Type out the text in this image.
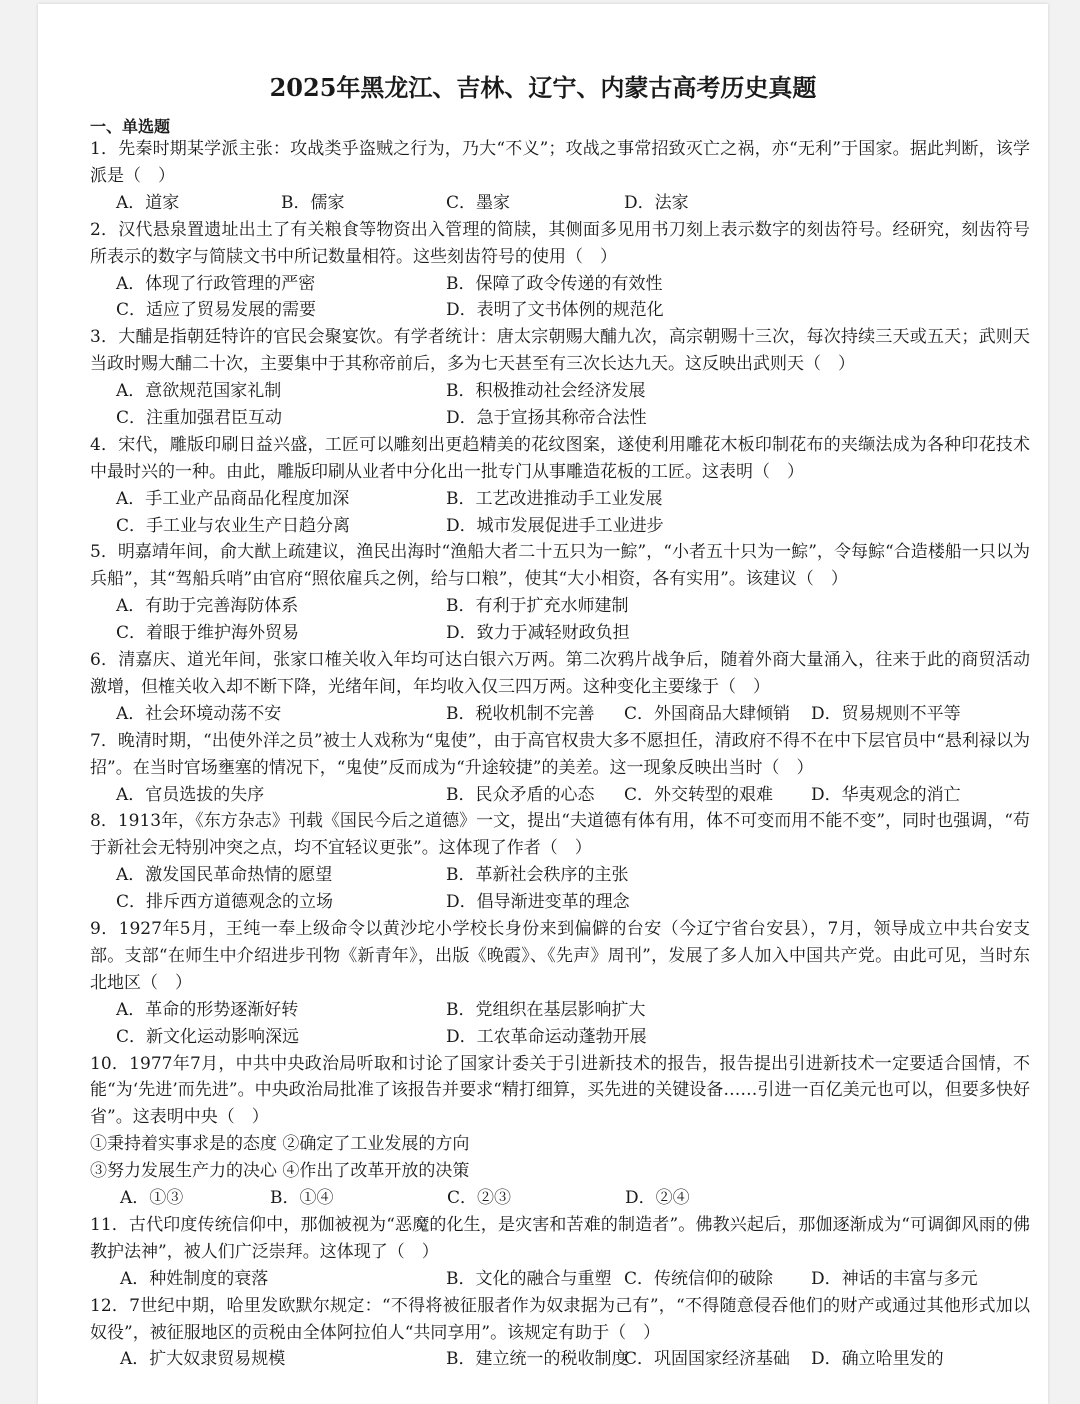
2025年黑龙江、吉林、辽宁、内蒙古高考历史真题
一、单选题

1．先秦时期某学派主张：攻战类乎盗贼之行为，乃大“不义”；攻战之事常招致灭亡之祸，亦“无利”于国家。据此判断，该学派是（　）

A．道家	B．儒家	C．墨家	D．法家

2．汉代悬泉置遗址出土了有关粮食等物资出入管理的简牍，其侧面多见用书刀刻上表示数字的刻齿符号。经研究，刻齿符号所表示的数字与简牍文书中所记数量相符。这些刻齿符号的使用（　）

A．体现了行政管理的严密	B．保障了政令传递的有效性
C．适应了贸易发展的需要	D．表明了文书体例的规范化

3．大酺是指朝廷特许的官民会聚宴饮。有学者统计：唐太宗朝赐大酺九次，高宗朝赐十三次，每次持续三天或五天；武则天当政时赐大酺二十次，主要集中于其称帝前后，多为七天甚至有三次长达九天。这反映出武则天（　）

A．意欲规范国家礼制	B．积极推动社会经济发展
C．注重加强君臣互动	D．急于宣扬其称帝合法性

4．宋代，雕版印刷日益兴盛，工匠可以雕刻出更趋精美的花纹图案，遂使利用雕花木板印制花布的夹缬法成为各种印花技术中最时兴的一种。由此，雕版印刷从业者中分化出一批专门从事雕造花板的工匠。这表明（　）

A．手工业产品商品化程度加深	B．工艺改进推动手工业发展
C．手工业与农业生产日趋分离	D．城市发展促进手工业进步

5．明嘉靖年间，俞大猷上疏建议，渔民出海时“渔船大者二十五只为一鯮”，“小者五十只为一鯮”，令每鯮“合造楼船一只以为兵船”，其“驾船兵哨”由官府“照依雇兵之例，给与口粮”，使其“大小相资，各有实用”。该建议（　）

A．有助于完善海防体系	B．有利于扩充水师建制
C．着眼于维护海外贸易	D．致力于减轻财政负担

6．清嘉庆、道光年间，张家口榷关收入年均可达白银六万两。第二次鸦片战争后，随着外商大量涌入，往来于此的商贸活动激增，但榷关收入却不断下降，光绪年间，年均收入仅三四万两。这种变化主要缘于（　）

A．社会环境动荡不安	B．税收机制不完善	C．外国商品大肆倾销	D．贸易规则不平等

7．晚清时期，“出使外洋之员”被士人戏称为“鬼使”，由于高官权贵大多不愿担任，清政府不得不在中下层官员中“悬利禄以为招”。在当时官场壅塞的情况下，“鬼使”反而成为“升途较捷”的美差。这一现象反映出当时（　）

A．官员选拔的失序	B．民众矛盾的心态	C．外交转型的艰难	D．华夷观念的消亡

8．1913年，《东方杂志》刊载《国民今后之道德》一文，提出“夫道德有体有用，体不可变而用不能不变”，同时也强调，“苟于新社会无特别冲突之点，均不宜轻议更张”。这体现了作者（　）

A．激发国民革命热情的愿望	B．革新社会秩序的主张
C．排斥西方道德观念的立场	D．倡导渐进变革的理念

9．1927年5月，王纯一奉上级命令以黄沙坨小学校长身份来到偏僻的台安（今辽宁省台安县），7月，领导成立中共台安支部。支部“在师生中介绍进步刊物《新青年》，出版《晚霞》、《先声》周刊”，发展了多人加入中国共产党。由此可见，当时东北地区（　）

A．革命的形势逐渐好转	B．党组织在基层影响扩大
C．新文化运动影响深远	D．工农革命运动蓬勃开展

10．1977年7月，中共中央政治局听取和讨论了国家计委关于引进新技术的报告，报告提出引进新技术一定要适合国情，不能“为‘先进’而先进”。中央政治局批准了该报告并要求“精打细算，买先进的关键设备……引进一百亿美元也可以，但要多快好省”。这表明中央（　）

①秉持着实事求是的态度 ②确定了工业发展的方向

③努力发展生产力的决心 ④作出了改革开放的决策

A．①③	B．①④	C．②③	D．②④

11．古代印度传统信仰中，那伽被视为“恶魔的化生，是灾害和苦难的制造者”。佛教兴起后，那伽逐渐成为“可调御风雨的佛教护法神”，被人们广泛崇拜。这体现了（　）

A．种姓制度的衰落	B．文化的融合与重塑 C．传统信仰的破除	D．神话的丰富与多元

12．7世纪中期，哈里发欧默尔规定：“不得将被征服者作为奴隶据为己有”，“不得随意侵吞他们的财产或通过其他形式加以奴役”，被征服地区的贡税由全体阿拉伯人“共同享用”。该规定有助于（　）

A．扩大奴隶贸易规模	B．建立统一的税收制度
C．巩固国家经济基础	D．确立哈里发的
